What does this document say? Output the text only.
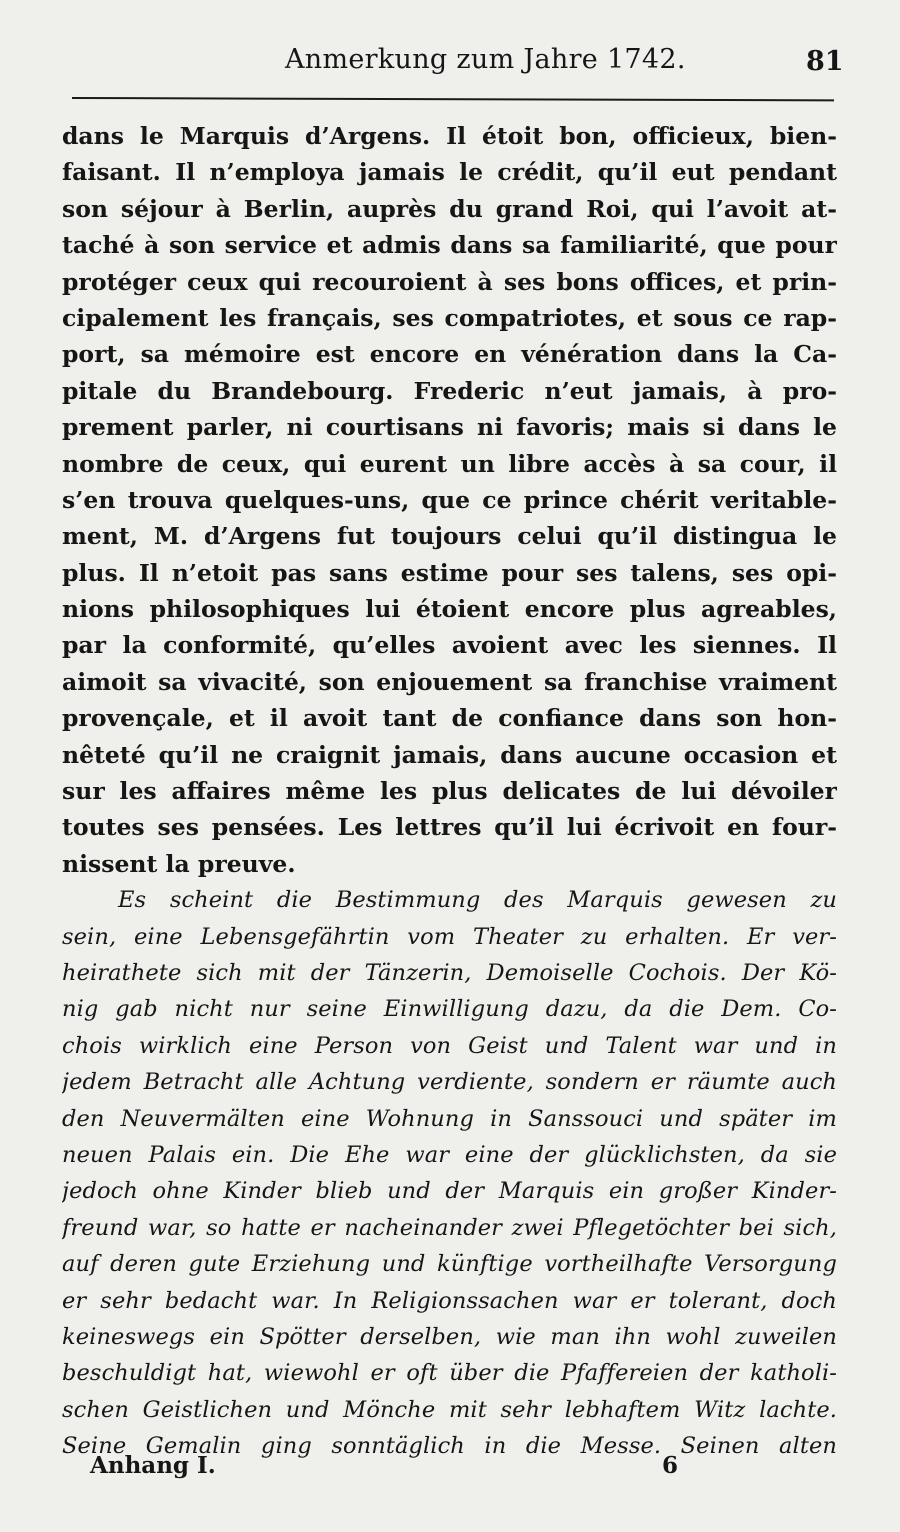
Anmerkung zum Jahre 1742.	81
dans le Marquis d’Argens. Il étoit bon, officieux, bien-
faisant. Il n’employa jamais le crédit, qu’il eut pendant
son séjour à Berlin, auprès du grand Roi, qui l’avoit at-
taché à son service et admis dans sa familiarité, que pour
protéger ceux qui recouroient à ses bons offices, et prin-
cipalement les français, ses compatriotes, et sous ce rap-
port, sa mémoire est encore en vénération dans la Ca-
pitale du Brandebourg. Frederic n’eut jamais, à pro-
prement parler, ni courtisans ni favoris; mais si dans le
nombre de ceux, qui eurent un libre accès à sa cour, il
s’en trouva quelques-uns, que ce prince chérit veritable-
ment, M. d’Argens fut toujours celui qu’il distingua le
plus. Il n’etoit pas sans estime pour ses talens, ses opi-
nions philosophiques lui étoient encore plus agreables,
par la conformité, qu’elles avoient avec les siennes. Il
aimoit sa vivacité, son enjouement sa franchise vraiment
provençale, et il avoit tant de confiance dans son hon-
nêteté qu’il ne craignit jamais, dans aucune occasion et
sur les affaires même les plus delicates de lui dévoiler
toutes ses pensées. Les lettres qu’il lui écrivoit en four-
nissent la preuve.
Es scheint die Bestimmung des Marquis gewesen zu
sein, eine Lebensgefährtin vom Theater zu erhalten. Er ver-
heirathete sich mit der Tänzerin, Demoiselle Cochois. Der Kö-
nig gab nicht nur seine Einwilligung dazu, da die Dem. Co-
chois wirklich eine Person von Geist und Talent war und in
jedem Betracht alle Achtung verdiente, sondern er räumte auch
den Neuvermälten eine Wohnung in Sanssouci und später im
neuen Palais ein. Die Ehe war eine der glücklichsten, da sie
jedoch ohne Kinder blieb und der Marquis ein großer Kinder-
freund war, so hatte er nacheinander zwei Pflegetöchter bei sich,
auf deren gute Erziehung und künftige vortheilhafte Versorgung
er sehr bedacht war. In Religionssachen war er tolerant, doch
keineswegs ein Spötter derselben, wie man ihn wohl zuweilen
beschuldigt hat, wiewohl er oft über die Pfaffereien der katholi-
schen Geistlichen und Mönche mit sehr lebhaftem Witz lachte.
Seine Gemalin ging sonntäglich in die Messe. Seinen alten
Anhang I.	6
